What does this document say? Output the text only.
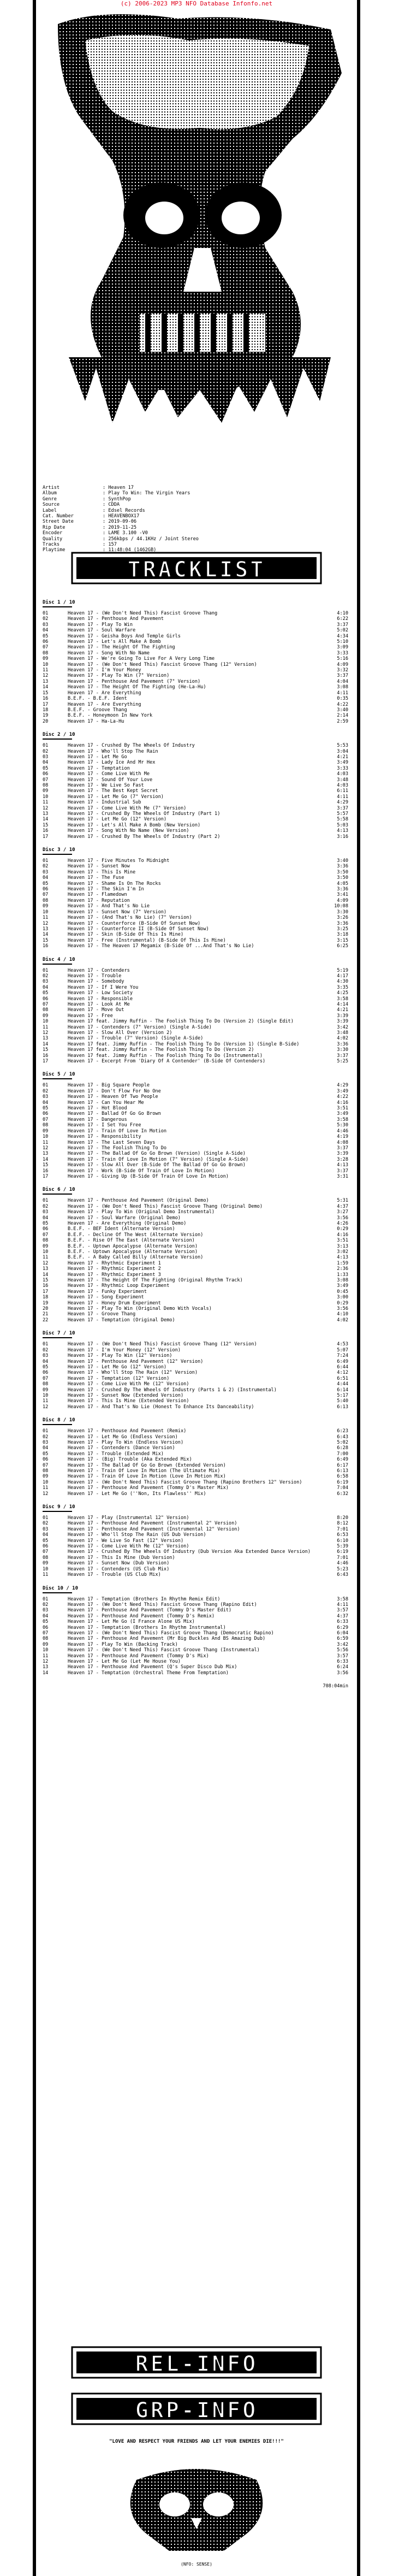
(c) 2006-2023 MP3 NFO Database Infonfo.net
Artist	: Heaven 17
Album	: Play To Win: The Virgin Years
Genre	: SynthPop
Source	: CDDA
Label	: Edsel Records
Cat. Number	: HEAVENBOX17
Street Date	: 2019-09-06
Rip Date	: 2019-11-25
Encoder	: LAME 3.100 -V0
Quality	: 256kbps / 44.1KHz / Joint Stereo
Tracks	: 157
Playtime	: 11:48:04 (1462GB)
TRACKLIST
Disc 1 / 10
01	Heaven 17 - (We Don't Need This) Fascist Groove Thang	4:10
02	Heaven 17 - Penthouse And Pavement	6:22
03	Heaven 17 - Play To Win	3:37
04	Heaven 17 - Soul Warfare	5:02
05	Heaven 17 - Geisha Boys And Temple Girls	4:34
06	Heaven 17 - Let's All Make A Bomb	5:10
07	Heaven 17 - The Height Of The Fighting	3:09
08	Heaven 17 - Song With No Name	3:33
09	Heaven 17 - We're Going To Live For A Very Long Time	5:16
10	Heaven 17 - (We Don't Need This) Fascist Groove Thang (12" Version)	4:09
11	Heaven 17 - I'm Your Money	3:32
12	Heaven 17 - Play To Win (7" Version)	3:37
13	Heaven 17 - Penthouse And Pavement (7" Version)	4:04
14	Heaven 17 - The Height Of The Fighting (He-La-Hu)	3:08
15	Heaven 17 - Are Everything	4:11
16	B.E.F. - B.E.F. Ident	0:35
17	Heaven 17 - Are Everything	4:22
18	B.E.F. - Groove Thang	3:40
19	B.E.F. - Honeymoon In New York	2:14
20	Heaven 17 - Ha-La-Hu	2:59
Disc 2 / 10
01	Heaven 17 - Crushed By The Wheels Of Industry	5:53
02	Heaven 17 - Who'll Stop The Rain	3:04
03	Heaven 17 - Let Me Go	4:21
04	Heaven 17 - Lady Ice And Mr Hex	3:49
05	Heaven 17 - Temptation	3:33
06	Heaven 17 - Come Live With Me	4:03
07	Heaven 17 - Sound Of Your Love	3:48
08	Heaven 17 - We Live So Fast	4:03
09	Heaven 17 - The Best Kept Secret	6:11
10	Heaven 17 - Let Me Go (7" Version)	4:11
11	Heaven 17 - Industrial Sub	4:29
12	Heaven 17 - Come Live With Me (7" Version)	3:37
13	Heaven 17 - Crushed By The Wheels Of Industry (Part 1)	5:57
14	Heaven 17 - Let Me Go (12" Version)	5:58
15	Heaven 17 - Let's All Make A Bomb (New Version)	5:03
16	Heaven 17 - Song With No Name (New Version)	4:13
17	Heaven 17 - Crushed By The Wheels Of Industry (Part 2)	3:16
Disc 3 / 10
01	Heaven 17 - Five Minutes To Midnight	3:40
02	Heaven 17 - Sunset Now	3:36
03	Heaven 17 - This Is Mine	3:50
04	Heaven 17 - The Fuse	3:50
05	Heaven 17 - Shame Is On The Rocks	4:05
06	Heaven 17 - The Skin I'm In	3:36
07	Heaven 17 - Flamedown	3:41
08	Heaven 17 - Reputation	4:09
09	Heaven 17 - And That's No Lie	10:08
10	Heaven 17 - Sunset Now (7" Version)	3:30
11	Heaven 17 - (And That's No Lie) (7" Version)	3:26
12	Heaven 17 - Counterforce (B-Side Of Sunset Now)	3:36
13	Heaven 17 - Counterforce II (B-Side Of Sunset Now)	3:25
14	Heaven 17 - Skin (B-Side Of This Is Mine)	3:18
15	Heaven 17 - Free (Instrumental) (B-Side Of This Is Mine)	3:15
16	Heaven 17 - The Heaven 17 Megamix (B-Side Of ...And That's No Lie)	6:25
Disc 4 / 10
01	Heaven 17 - Contenders	5:19
02	Heaven 17 - Trouble	4:17
03	Heaven 17 - Somebody	4:30
04	Heaven 17 - If I Were You	3:35
05	Heaven 17 - Low Society	4:25
06	Heaven 17 - Responsible	3:58
07	Heaven 17 - Look At Me	4:14
08	Heaven 17 - Move Out	4:21
09	Heaven 17 - Free	3:39
10	Heaven 17 feat. Jimmy Ruffin - The Foolish Thing To Do (Version 2) (Single Edit)	3:39
11	Heaven 17 - Contenders (7" Version) (Single A-Side)	3:42
12	Heaven 17 - Slow All Over (Version 2)	3:48
13	Heaven 17 - Trouble (7" Version) (Single A-Side)	4:02
14	Heaven 17 feat. Jimmy Ruffin - The Foolish Thing To Do (Version 1) (Single B-Side)	3:36
15	Heaven 17 feat. Jimmy Ruffin - The Foolish Thing To Do (Version 2)	3:30
16	Heaven 17 feat. Jimmy Ruffin - The Foolish Thing To Do (Instrumental)	3:37
17	Heaven 17 - Excerpt From 'Diary Of A Contender' (B-Side Of Contenders)	5:25
Disc 5 / 10
01	Heaven 17 - Big Square People	4:29
02	Heaven 17 - Don't Flow For No One	3:49
03	Heaven 17 - Heaven Of Two People	4:22
04	Heaven 17 - Can You Hear Me	4:16
05	Heaven 17 - Hot Blood	3:51
06	Heaven 17 - Ballad Of Go Go Brown	3:49
07	Heaven 17 - Dangerous	3:58
08	Heaven 17 - I Set You Free	5:30
09	Heaven 17 - Train Of Love In Motion	4:46
10	Heaven 17 - Responsibility	4:19
11	Heaven 17 - The Last Seven Days	4:08
12	Heaven 17 - The Foolish Thing To Do	3:37
13	Heaven 17 - The Ballad Of Go Go Brown (Version) (Single A-Side)	3:39
14	Heaven 17 - Train Of Love In Motion (7" Version) (Single A-Side)	3:28
15	Heaven 17 - Slow All Over (B-Side Of The Ballad Of Go Go Brown)	4:13
16	Heaven 17 - Work (B-Side Of Train Of Love In Motion)	3:37
17	Heaven 17 - Giving Up (B-Side Of Train Of Love In Motion)	3:31
Disc 6 / 10
01	Heaven 17 - Penthouse And Pavement (Original Demo)	5:31
02	Heaven 17 - (We Don't Need This) Fascist Groove Thang (Original Demo)	4:37
03	Heaven 17 - Play To Win (Original Demo Instrumental)	3:27
04	Heaven 17 - Soul Warfare (Original Demo)	3:56
05	Heaven 17 - Are Everything (Original Demo)	4:26
06	B.E.F. - BEF Ident (Alternate Version)	0:29
07	B.E.F. - Decline Of The West (Alternate Version)	4:16
08	B.E.F. - Rise Of The East (Alternate Version)	3:51
09	B.E.F. - Uptown Apocalypse (Alternate Version)	3:13
10	B.E.F. - Uptown Apocalypse (Alternate Version)	3:02
11	B.E.F. - A Baby Called Billy (Alternate Version)	4:13
12	Heaven 17 - Rhythmic Experiment 1	1:59
13	Heaven 17 - Rhythmic Experiment 2	2:36
14	Heaven 17 - Rhythmic Experiment 3	1:33
15	Heaven 17 - The Height Of The Fighting (Original Rhythm Track)	3:08
16	Heaven 17 - Rhythmic Loop Experiment	3:49
17	Heaven 17 - Funky Experiment	0:45
18	Heaven 17 - Song Experiment	3:00
19	Heaven 17 - Honey Drum Experiment	0:29
20	Heaven 17 - Play To Win (Original Demo With Vocals)	3:56
21	Heaven 17 - Groove Thang	4:10
22	Heaven 17 - Temptation (Original Demo)	4:02
Disc 7 / 10
01	Heaven 17 - (We Don't Need This) Fascist Groove Thang (12" Version)	4:53
02	Heaven 17 - I'm Your Money (12" Version)	5:07
03	Heaven 17 - Play To Win (12" Version)	7:24
04	Heaven 17 - Penthouse And Pavement (12" Version)	6:49
05	Heaven 17 - Let Me Go (12" Version)	6:44
06	Heaven 17 - Who'll Stop The Rain (12" Version)	4:12
07	Heaven 17 - Temptation (12" Version)	6:51
08	Heaven 17 - Come Live With Me (12" Version)	4:44
09	Heaven 17 - Crushed By The Wheels Of Industry (Parts 1 & 2) (Instrumental)	6:14
10	Heaven 17 - Sunset Now (Extended Version)	5:17
11	Heaven 17 - This Is Mine (Extended Version)	5:40
12	Heaven 17 - And That's No Lie (Honest To Enhance Its Danceability)	6:13
Disc 8 / 10
01	Heaven 17 - Penthouse And Pavement (Remix)	6:23
02	Heaven 17 - Let Me Go (Endless Version)	6:43
03	Heaven 17 - Play To Win (Endless Version)	5:02
04	Heaven 17 - Contenders (Dance Version)	6:28
05	Heaven 17 - Trouble (Extended Mix)	7:00
06	Heaven 17 - (Big) Trouble (Aka Extended Mix)	6:49
07	Heaven 17 - The Ballad Of Go Go Brown (Extended Version)	6:17
08	Heaven 17 - Train Of Love In Motion (The Ultimate Mix)	6:13
09	Heaven 17 - Train Of Love In Motion (Love In Motion Mix)	6:58
10	Heaven 17 - (We Don't Need This) Fascist Groove Thang (Rapino Brothers 12" Version)	6:19
11	Heaven 17 - Penthouse And Pavement (Tommy D's Master Mix)	7:04
12	Heaven 17 - Let Me Go (''Non, Its Flawless'' Mix)	6:32
Disc 9 / 10
01	Heaven 17 - Play (Instrumental 12" Version)	8:20
02	Heaven 17 - Penthouse And Pavement (Instrumental 2" Version)	8:12
03	Heaven 17 - Penthouse And Pavement (Instrumental 12" Version)	7:01
04	Heaven 17 - Who'll Stop The Rain (US Dub Version)	6:53
05	Heaven 17 - We Live So Fast (12" Version)	6:10
06	Heaven 17 - Come Live With Me (12" Version)	5:39
07	Heaven 17 - Crushed By The Wheels Of Industry (Dub Version Aka Extended Dance Version)	6:19
08	Heaven 17 - This Is Mine (Dub Version)	7:01
09	Heaven 17 - Sunset Now (Dub Version)	4:46
10	Heaven 17 - Contenders (US Club Mix)	5:23
11	Heaven 17 - Trouble (US Club Mix)	6:43
Disc 10 / 10
01	Heaven 17 - Temptation (Brothers In Rhythm Remix Edit)	3:58
02	Heaven 17 - (We Don't Need This) Fascist Groove Thang (Rapino Edit)	4:11
03	Heaven 17 - Penthouse And Pavement (Tommy D's Master Edit)	3:57
04	Heaven 17 - Penthouse And Pavement (Tommy D's Remix)	4:37
05	Heaven 17 - Let Me Go (I France Alone US Mix)	6:33
06	Heaven 17 - Temptation (Brothers In Rhythm Instrumental)	6:29
07	Heaven 17 - (We Don't Need This) Fascist Groove Thang (Democratic Rapino)	6:04
08	Heaven 17 - Penthouse And Pavement (Mr Big Buckles And BS Amazing Dub)	6:59
09	Heaven 17 - Play To Win (Backing Track)	3:42
10	Heaven 17 - (We Don't Need This) Fascist Groove Thang (Instrumental)	5:56
11	Heaven 17 - Penthouse And Pavement (Tommy D's Mix)	3:57
12	Heaven 17 - Let Me Go (Let Me House You)	6:33
13	Heaven 17 - Penthouse And Pavement (Q's Super Disco Dub Mix)	6:24
14	Heaven 17 - Temptation (Orchestral Theme From Temptation)	3:56
708:04min
REL-INFO
GRP-INFO
"LOVE AND RESPECT YOUR FRIENDS AND LET YOUR ENEMIES DIE!!!"
(NFO: SENSE)
